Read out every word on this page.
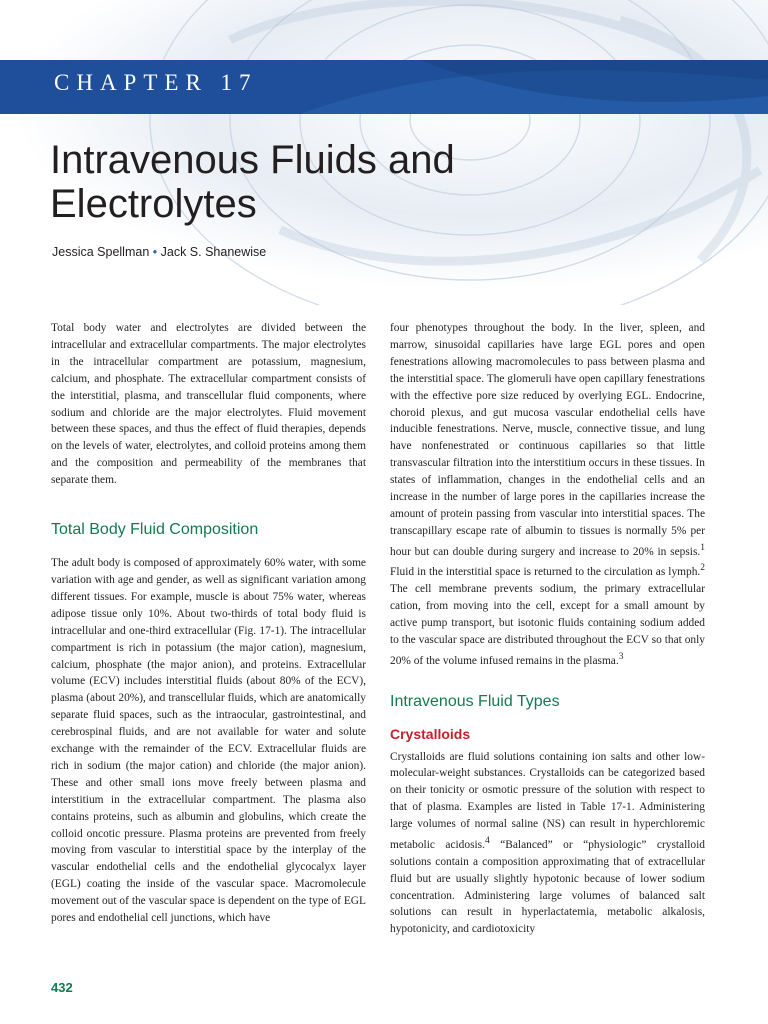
CHAPTER 17
Intravenous Fluids and
Electrolytes
Jessica Spellman • Jack S. Shanewise

Total body water and electrolytes are divided between the intracellular and extracellular compartments. The major electrolytes in the intracellular compartment are potassium, magnesium, calcium, and phosphate. The extracellular compartment consists of the interstitial, plasma, and transcellular fluid components, where sodium and chloride are the major electrolytes. Fluid movement between these spaces, and thus the effect of fluid therapies, depends on the levels of water, electrolytes, and colloid proteins among them and the composition and permeability of the membranes that separate them.

Total Body Fluid Composition

The adult body is composed of approximately 60% water, with some variation with age and gender, as well as significant variation among different tissues. For example, muscle is about 75% water, whereas adipose tissue only 10%. About two-thirds of total body fluid is intracellular and one-third extracellular (Fig. 17-1). The intracellular compartment is rich in potassium (the major cation), magnesium, calcium, phosphate (the major anion), and proteins. Extracellular volume (ECV) includes interstitial fluids (about 80% of the ECV), plasma (about 20%), and transcellular fluids, which are anatomically separate fluid spaces, such as the intraocular, gastrointestinal, and cerebrospinal fluids, and are not available for water and solute exchange with the remainder of the ECV. Extracellular fluids are rich in sodium (the major cation) and chloride (the major anion). These and other small ions move freely between plasma and interstitium in the extracellular compartment. The plasma also contains proteins, such as albumin and globulins, which create the colloid oncotic pressure. Plasma proteins are prevented from freely moving from vascular to interstitial space by the interplay of the vascular endothelial cells and the endothelial glycocalyx layer (EGL) coating the inside of the vascular space. Macromolecule movement out of the vascular space is dependent on the type of EGL pores and endothelial cell junctions, which have

four phenotypes throughout the body. In the liver, spleen, and marrow, sinusoidal capillaries have large EGL pores and open fenestrations allowing macromolecules to pass between plasma and the interstitial space. The glomeruli have open capillary fenestrations with the effective pore size reduced by overlying EGL. Endocrine, choroid plexus, and gut mucosa vascular endothelial cells have inducible fenestrations. Nerve, muscle, connective tissue, and lung have nonfenestrated or continuous capillaries so that little transvascular filtration into the interstitium occurs in these tissues. In states of inflammation, changes in the endothelial cells and an increase in the number of large pores in the capillaries increase the amount of protein passing from vascular into interstitial spaces. The transcapillary escape rate of albumin to tissues is normally 5% per hour but can double during surgery and increase to 20% in sepsis.$^1$ Fluid in the interstitial space is returned to the circulation as lymph.$^2$ The cell membrane prevents sodium, the primary extracellular cation, from moving into the cell, except for a small amount by active pump transport, but isotonic fluids containing sodium added to the vascular space are distributed throughout the ECV so that only 20% of the volume infused remains in the plasma.$^3$

Intravenous Fluid Types
Crystalloids

Crystalloids are fluid solutions containing ion salts and other low-molecular-weight substances. Crystalloids can be categorized based on their tonicity or osmotic pressure of the solution with respect to that of plasma. Examples are listed in Table 17-1. Administering large volumes of normal saline (NS) can result in hyperchloremic metabolic acidosis.$^4$ “Balanced” or “physiologic” crystalloid solutions contain a composition approximating that of extracellular fluid but are usually slightly hypotonic because of lower sodium concentration. Administering large volumes of balanced salt solutions can result in hyperlactatemia, metabolic alkalosis, hypotonicity, and cardiotoxicity

432
